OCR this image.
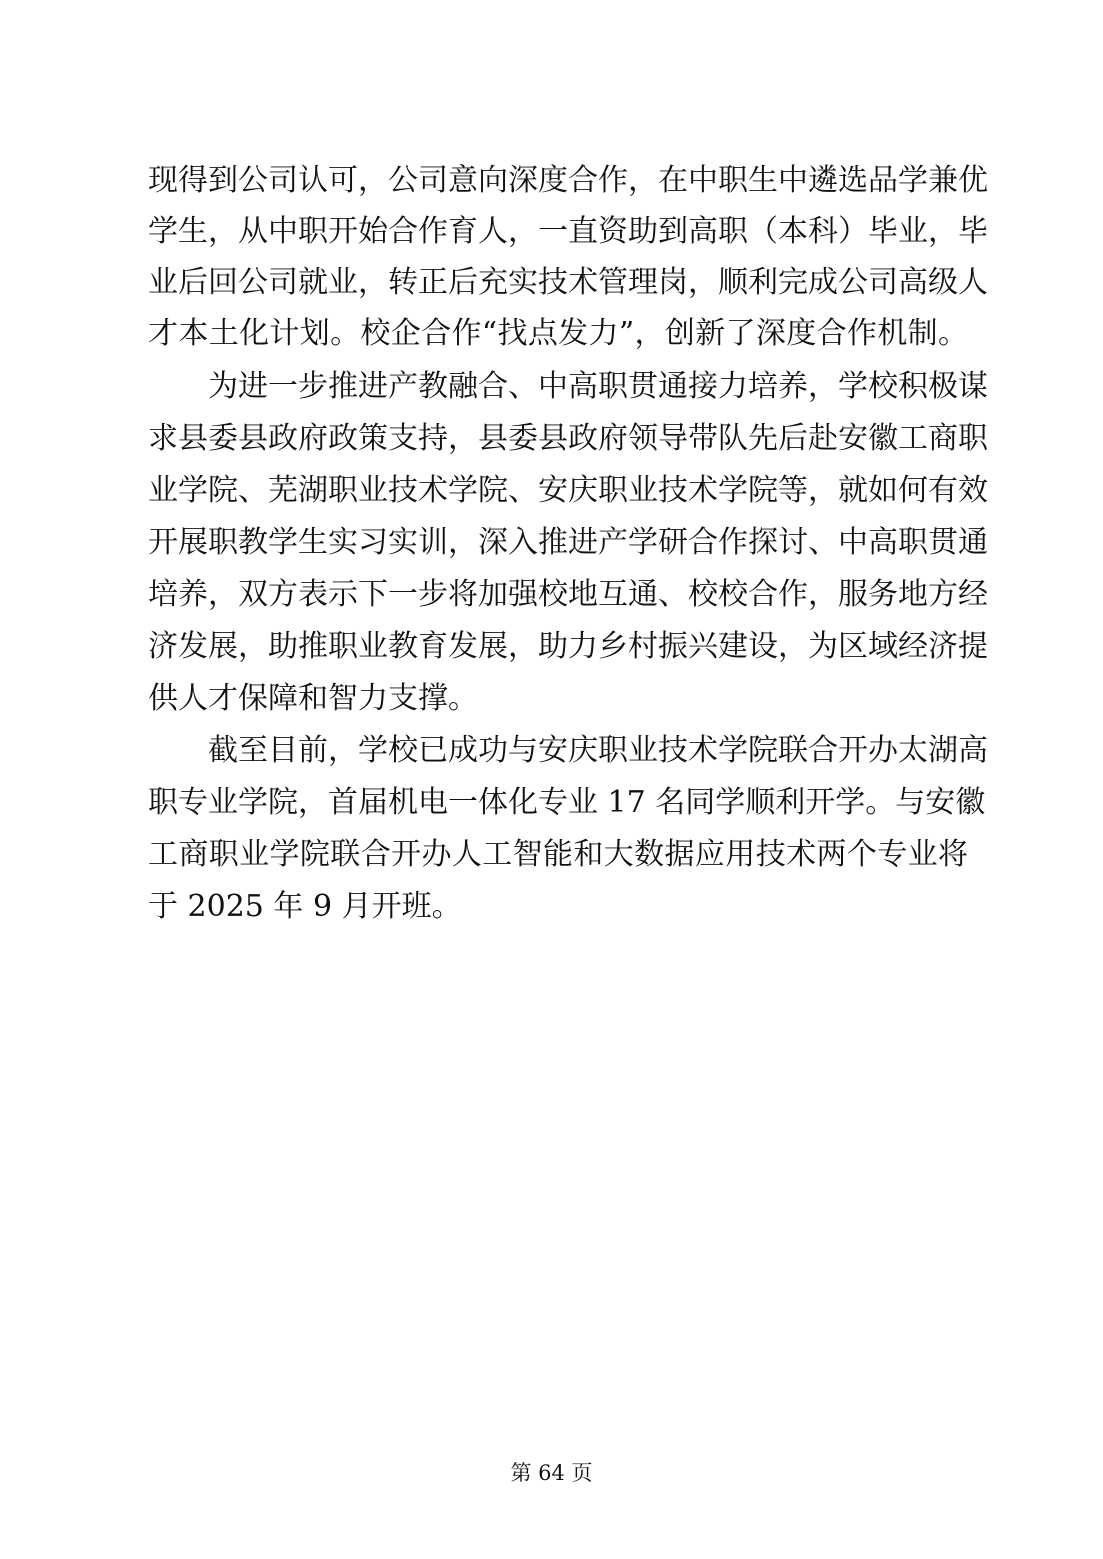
现得到公司认可，公司意向深度合作，在中职生中遴选品学兼优
学生，从中职开始合作育人，一直资助到高职（本科）毕业，毕
业后回公司就业，转正后充实技术管理岗，顺利完成公司高级人
才本土化计划。校企合作“找点发力”，创新了深度合作机制。
　　为进一步推进产教融合、中高职贯通接力培养，学校积极谋
求县委县政府政策支持，县委县政府领导带队先后赴安徽工商职
业学院、芜湖职业技术学院、安庆职业技术学院等，就如何有效
开展职教学生实习实训，深入推进产学研合作探讨、中高职贯通
培养，双方表示下一步将加强校地互通、校校合作，服务地方经
济发展，助推职业教育发展，助力乡村振兴建设，为区域经济提
供人才保障和智力支撑。
　　截至目前，学校已成功与安庆职业技术学院联合开办太湖高
职专业学院，首届机电一体化专业 17 名同学顺利开学。与安徽
工商职业学院联合开办人工智能和大数据应用技术两个专业将
于 2025 年 9 月开班。
第 64 页
